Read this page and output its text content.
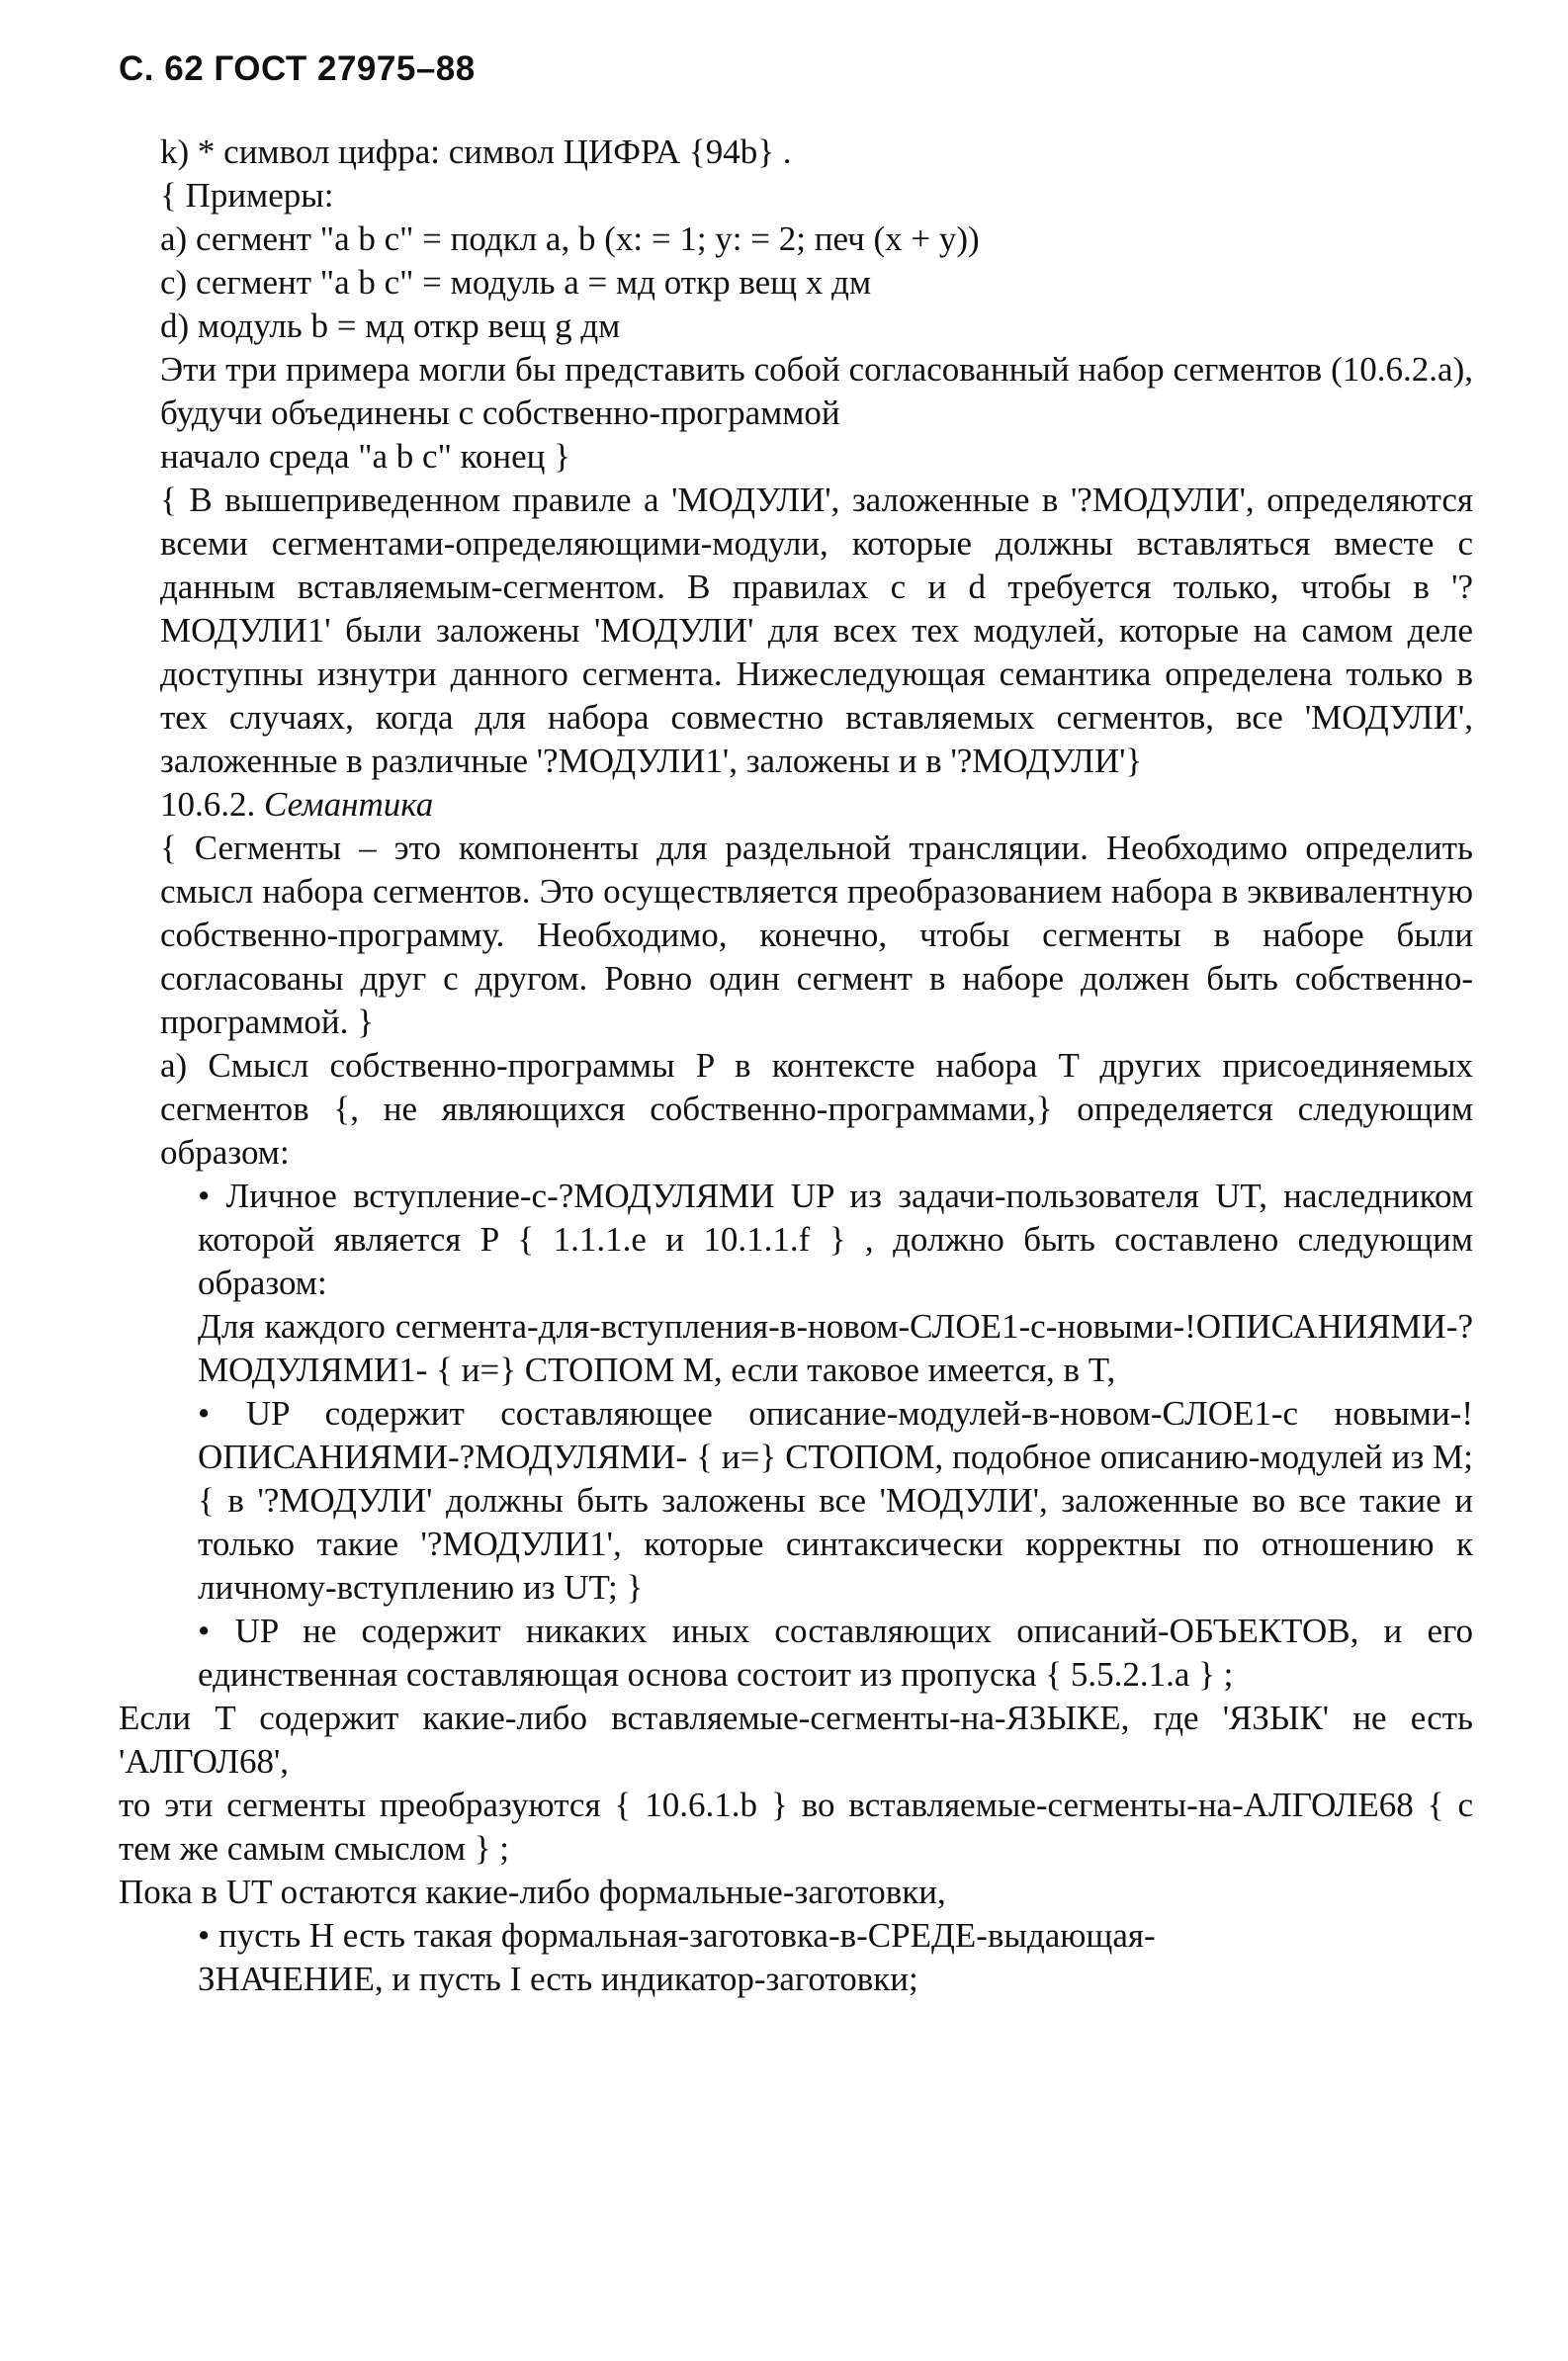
С. 62 ГОСТ 27975–88

k) * символ цифра: символ ЦИФРА {94b} .

{ Примеры:

a) сегмент "a b c" = подкл a, b (x: = 1; y: = 2; печ (x + y))

c) сегмент "a b c" = модуль a = мд откр вещ x дм

d) модуль b = мд откр вещ g дм

Эти три примера могли бы представить собой согласованный набор сегментов (10.6.2.a), будучи объединены с собственно-программой

начало среда "a b c" конец }

{ В вышеприведенном правиле a 'МОДУЛИ', заложенные в '?МОДУЛИ', определяются всеми сегментами-определяющими-модули, которые должны вставляться вместе с данным вставляемым-сегментом. В правилах c и d требуется только, чтобы в '?МОДУЛИ1' были заложены 'МОДУЛИ' для всех тех модулей, которые на самом деле доступны изнутри данного сегмента. Нижеследующая семантика определена только в тех случаях, когда для набора совместно вставляемых сегментов, все 'МОДУЛИ', заложенные в различные '?МОДУЛИ1', заложены и в '?МОДУЛИ'}

10.6.2. Семантика

{ Сегменты – это компоненты для раздельной трансляции. Необходимо определить смысл набора сегментов. Это осуществляется преобразованием набора в эквивалентную собственно-программу. Необходимо, конечно, чтобы сегменты в наборе были согласованы друг с другом. Ровно один сегмент в наборе должен быть собственно-программой. }

a) Смысл собственно-программы P в контексте набора T других присоединяемых сегментов {, не являющихся собственно-программами,} определяется следующим образом:

• Личное вступление-с-?МОДУЛЯМИ UP из задачи-пользователя UT, наследником которой является P { 1.1.1.e и 10.1.1.f } , должно быть составлено следующим образом:

Для каждого сегмента-для-вступления-в-новом-СЛОЕ1-с-новыми-!ОПИСАНИЯМИ-?МОДУЛЯМИ1- { и=} СТОПОМ M, если таковое имеется, в T,

• UP содержит составляющее описание-модулей-в-новом-СЛОЕ1-с новыми-!ОПИСАНИЯМИ-?МОДУЛЯМИ- { и=} СТОПОМ, подобное описанию-модулей из M; { в '?МОДУЛИ' должны быть заложены все 'МОДУЛИ', заложенные во все такие и только такие '?МОДУЛИ1', которые синтаксически корректны по отношению к личному-вступлению из UT; }

• UP не содержит никаких иных составляющих описаний-ОБЪЕКТОВ, и его единственная составляющая основа состоит из пропуска { 5.5.2.1.a } ;

Если T содержит какие-либо вставляемые-сегменты-на-ЯЗЫКЕ, где 'ЯЗЫК' не есть 'АЛГОЛ68',

то эти сегменты преобразуются { 10.6.1.b } во вставляемые-сегменты-на-АЛГОЛЕ68 { с тем же самым смыслом } ;

Пока в UT остаются какие-либо формальные-заготовки,

• пусть H есть такая формальная-заготовка-в-СРЕДЕ-выдающая-

ЗНАЧЕНИЕ, и пусть I есть индикатор-заготовки;
